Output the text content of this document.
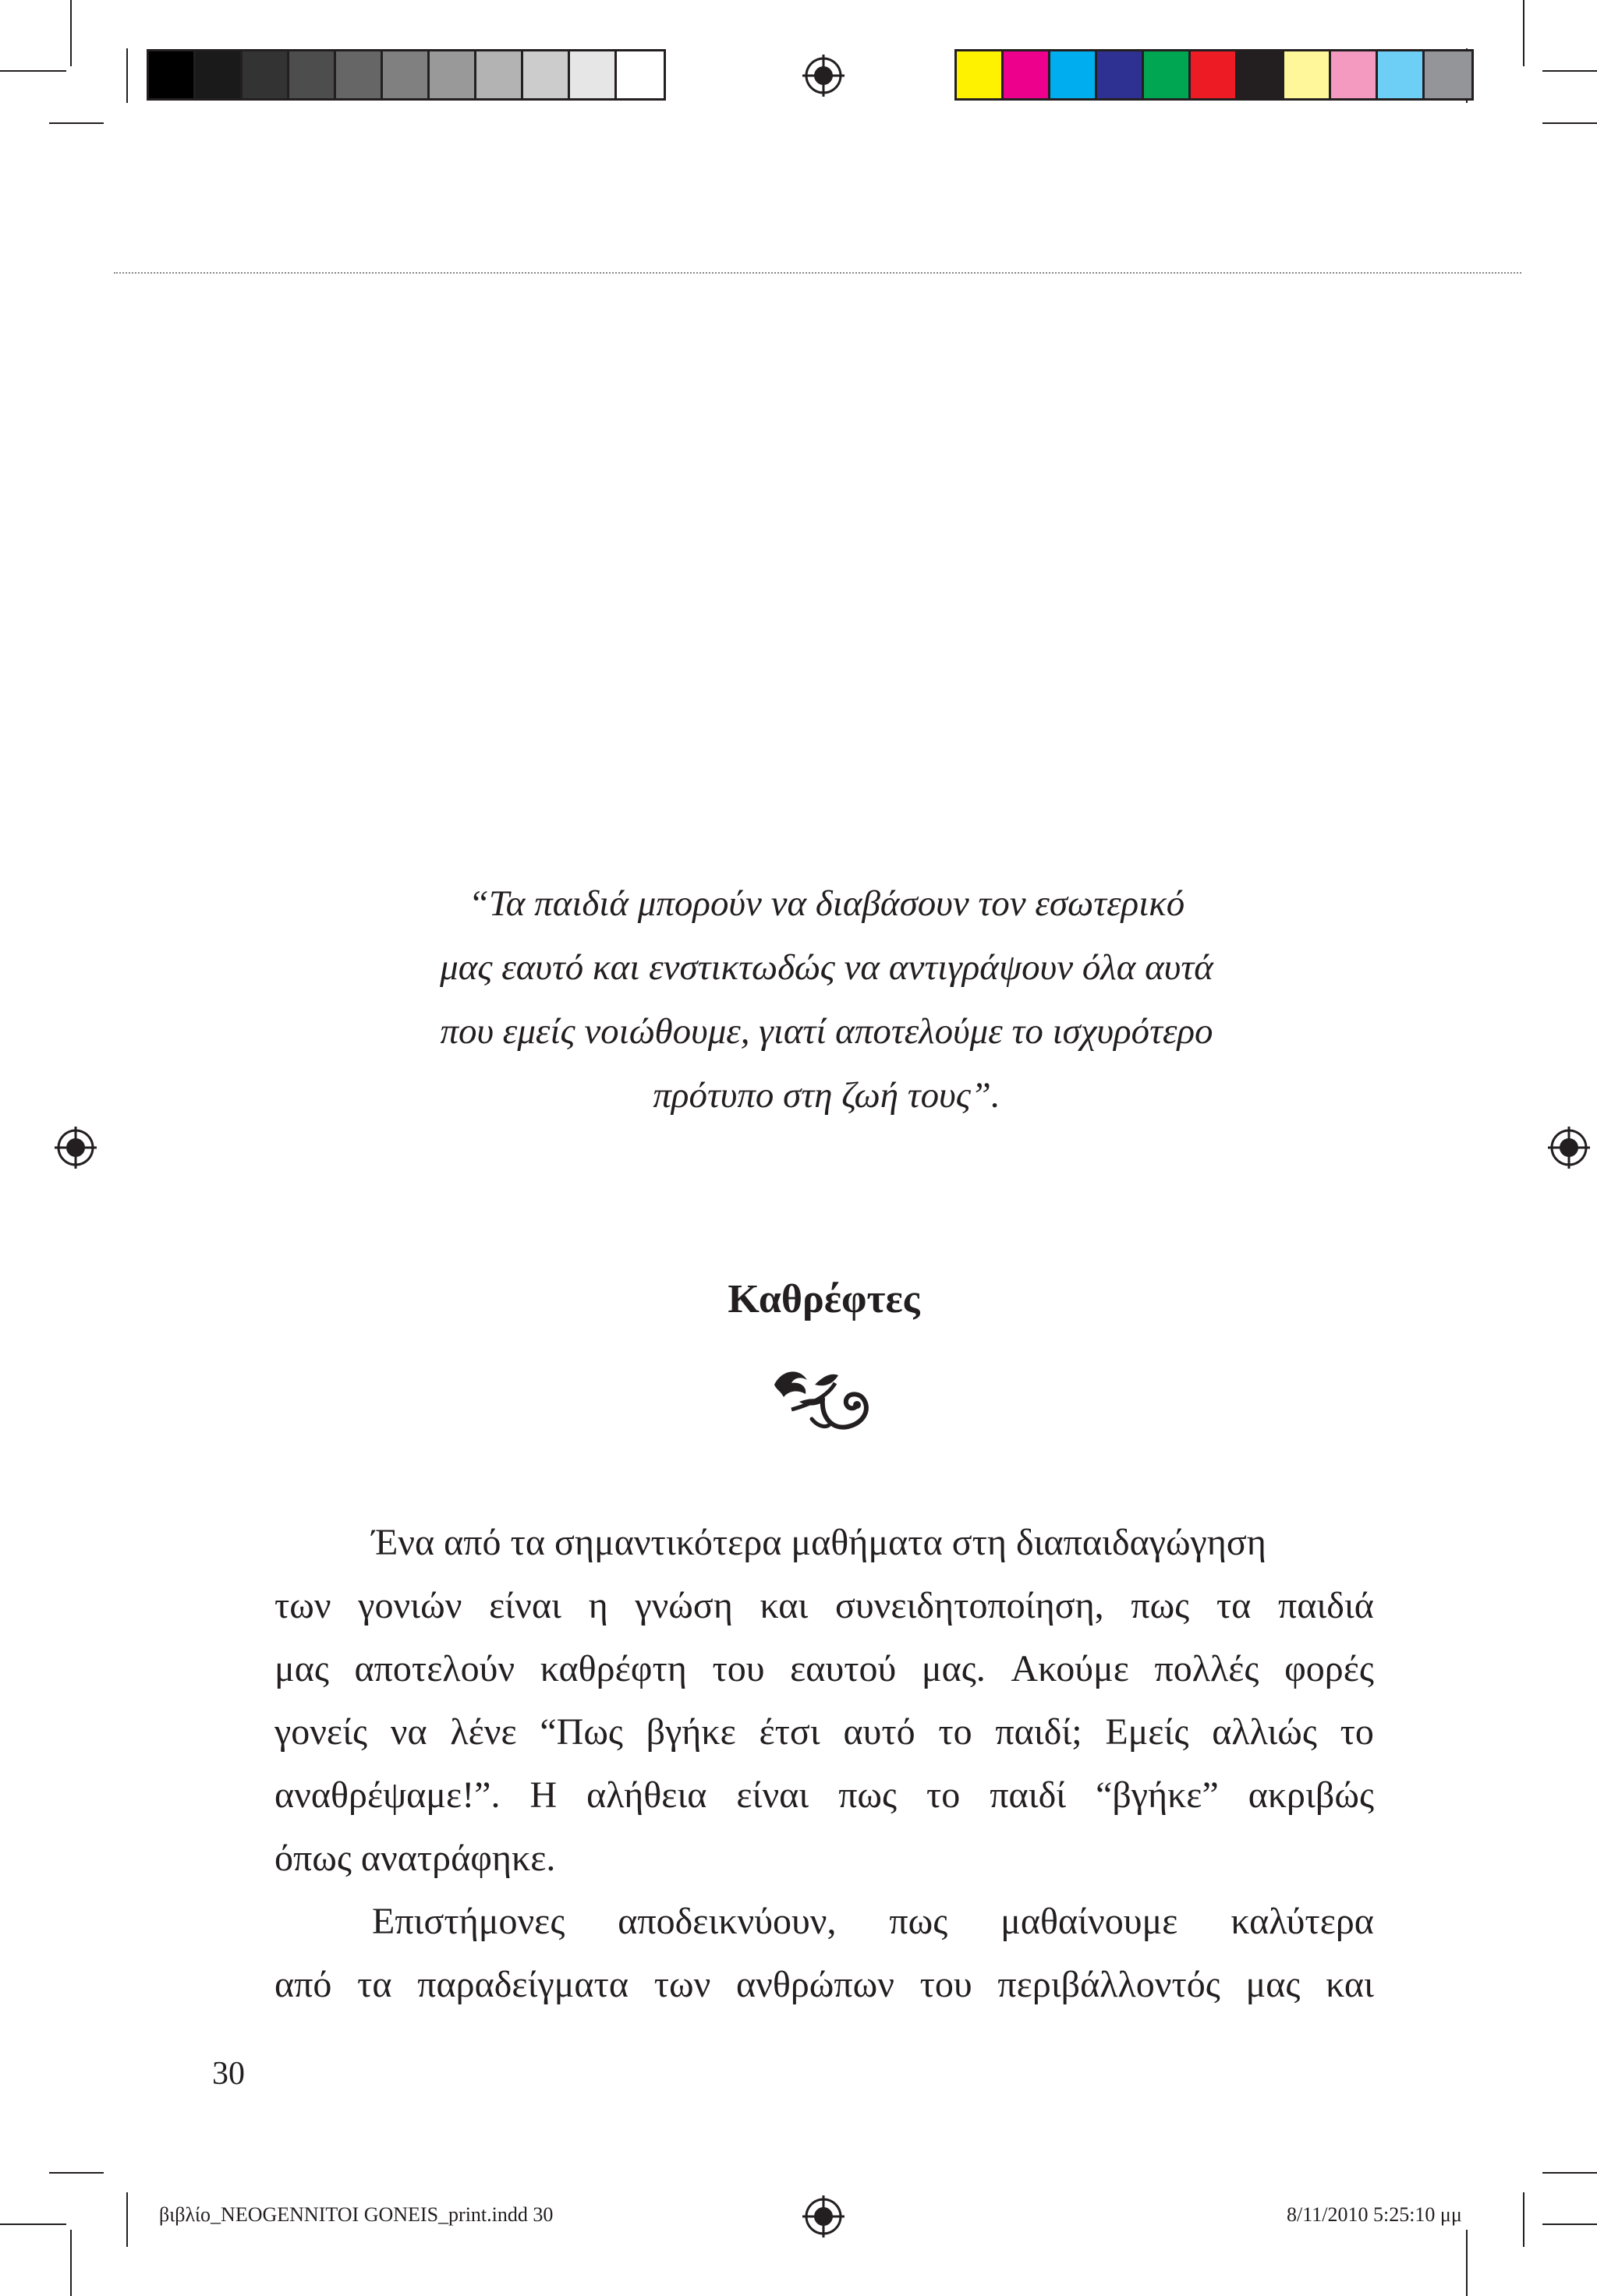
“Τα παιδιά μπορούν να διαβάσουν τον εσωτερικό
μας εαυτό και ενστικτωδώς να αντιγράψουν όλα αυτά
που εμείς νοιώθουμε, γιατί αποτελούμε το ισχυρότερο
πρότυπο στη ζωή τους”.
Καθρέφτες
Ένα από τα σημαντικότερα μαθήματα στη διαπαιδαγώγηση
των γονιών είναι η γνώση και συνειδητοποίηση, πως τα παιδιά
μας αποτελούν καθρέφτη του εαυτού μας. Ακούμε πολλές φορές
γονείς να λένε “Πως βγήκε έτσι αυτό το παιδί; Εμείς αλλιώς το
αναθρέψαμε!”. Η αλήθεια είναι πως το παιδί “βγήκε” ακριβώς
όπως ανατράφηκε.
Επιστήμονες αποδεικνύουν, πως μαθαίνουμε καλύτερα
από τα παραδείγματα των ανθρώπων του περιβάλλοντός μας και
30
βιβλίο_NEOGENNITOI GONEIS_print.indd 30	8/11/2010 5:25:10 μμ
